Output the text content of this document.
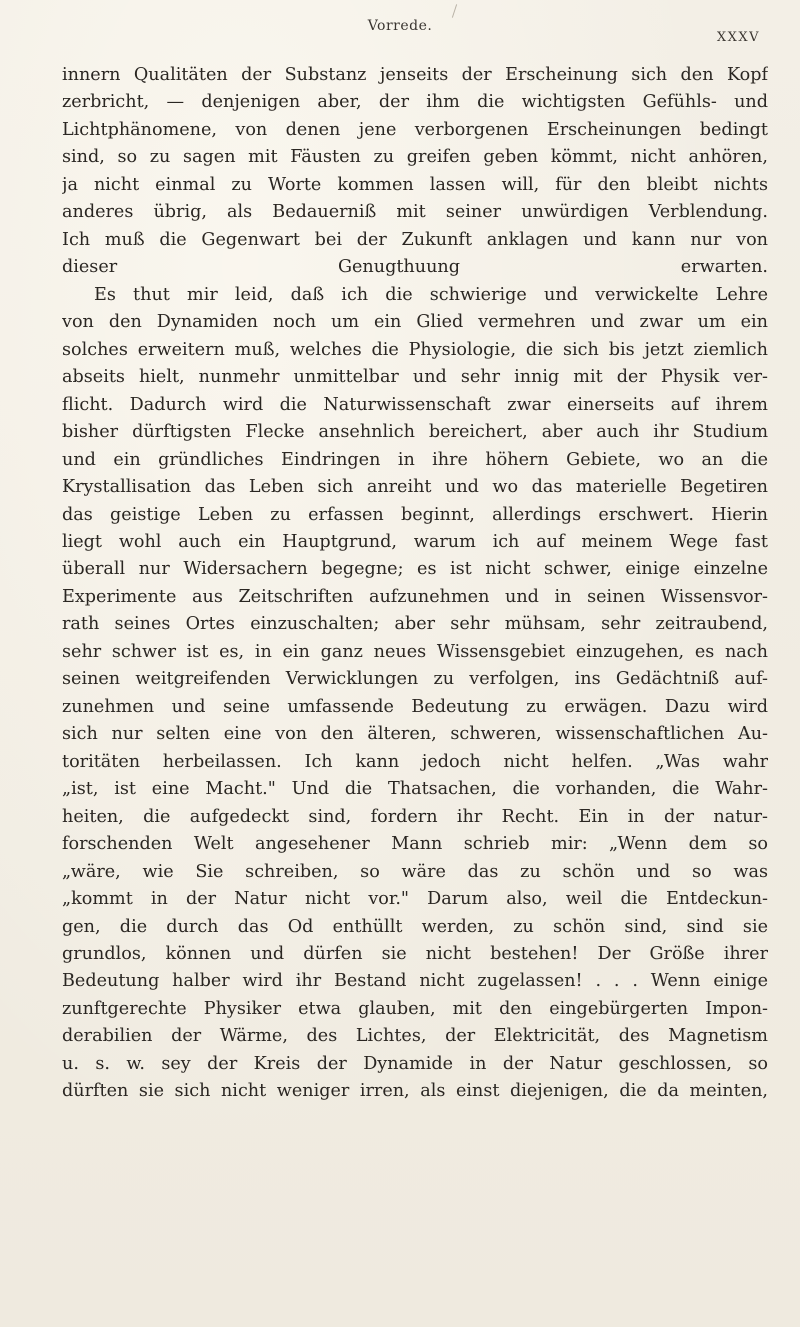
Vorrede.
XXXV
innern Qualitäten der Substanz jenseits der Erscheinung sich den Kopf
zerbricht, — denjenigen aber, der ihm die wichtigsten Gefühls- und
Lichtphänomene, von denen jene verborgenen Erscheinungen bedingt
sind, so zu sagen mit Fäusten zu greifen geben kömmt, nicht anhören,
ja nicht einmal zu Worte kommen lassen will, für den bleibt nichts
anderes übrig, als Bedauerniß mit seiner unwürdigen Verblendung.
Ich muß die Gegenwart bei der Zukunft anklagen und kann nur von
dieser Genugthuung erwarten.
Es thut mir leid, daß ich die schwierige und verwickelte Lehre
von den Dynamiden noch um ein Glied vermehren und zwar um ein
solches erweitern muß, welches die Physiologie, die sich bis jetzt ziemlich
abseits hielt, nunmehr unmittelbar und sehr innig mit der Physik ver-
flicht. Dadurch wird die Naturwissenschaft zwar einerseits auf ihrem
bisher dürftigsten Flecke ansehnlich bereichert, aber auch ihr Studium
und ein gründliches Eindringen in ihre höhern Gebiete, wo an die
Krystallisation das Leben sich anreiht und wo das materielle Begetiren
das geistige Leben zu erfassen beginnt, allerdings erschwert. Hierin
liegt wohl auch ein Hauptgrund, warum ich auf meinem Wege fast
überall nur Widersachern begegne; es ist nicht schwer, einige einzelne
Experimente aus Zeitschriften aufzunehmen und in seinen Wissensvor-
rath seines Ortes einzuschalten; aber sehr mühsam, sehr zeitraubend,
sehr schwer ist es, in ein ganz neues Wissensgebiet einzugehen, es nach
seinen weitgreifenden Verwicklungen zu verfolgen, ins Gedächtniß auf-
zunehmen und seine umfassende Bedeutung zu erwägen. Dazu wird
sich nur selten eine von den älteren, schweren, wissenschaftlichen Au-
toritäten herbeilassen. Ich kann jedoch nicht helfen. „Was wahr
„ist, ist eine Macht." Und die Thatsachen, die vorhanden, die Wahr-
heiten, die aufgedeckt sind, fordern ihr Recht. Ein in der natur-
forschenden Welt angesehener Mann schrieb mir: „Wenn dem so
„wäre, wie Sie schreiben, so wäre das zu schön und so was
„kommt in der Natur nicht vor." Darum also, weil die Entdeckun-
gen, die durch das Od enthüllt werden, zu schön sind, sind sie
grundlos, können und dürfen sie nicht bestehen! Der Größe ihrer
Bedeutung halber wird ihr Bestand nicht zugelassen! . . . Wenn einige
zunftgerechte Physiker etwa glauben, mit den eingebürgerten Impon-
derabilien der Wärme, des Lichtes, der Elektricität, des Magnetism
u. s. w. sey der Kreis der Dynamide in der Natur geschlossen, so
dürften sie sich nicht weniger irren, als einst diejenigen, die da meinten,
